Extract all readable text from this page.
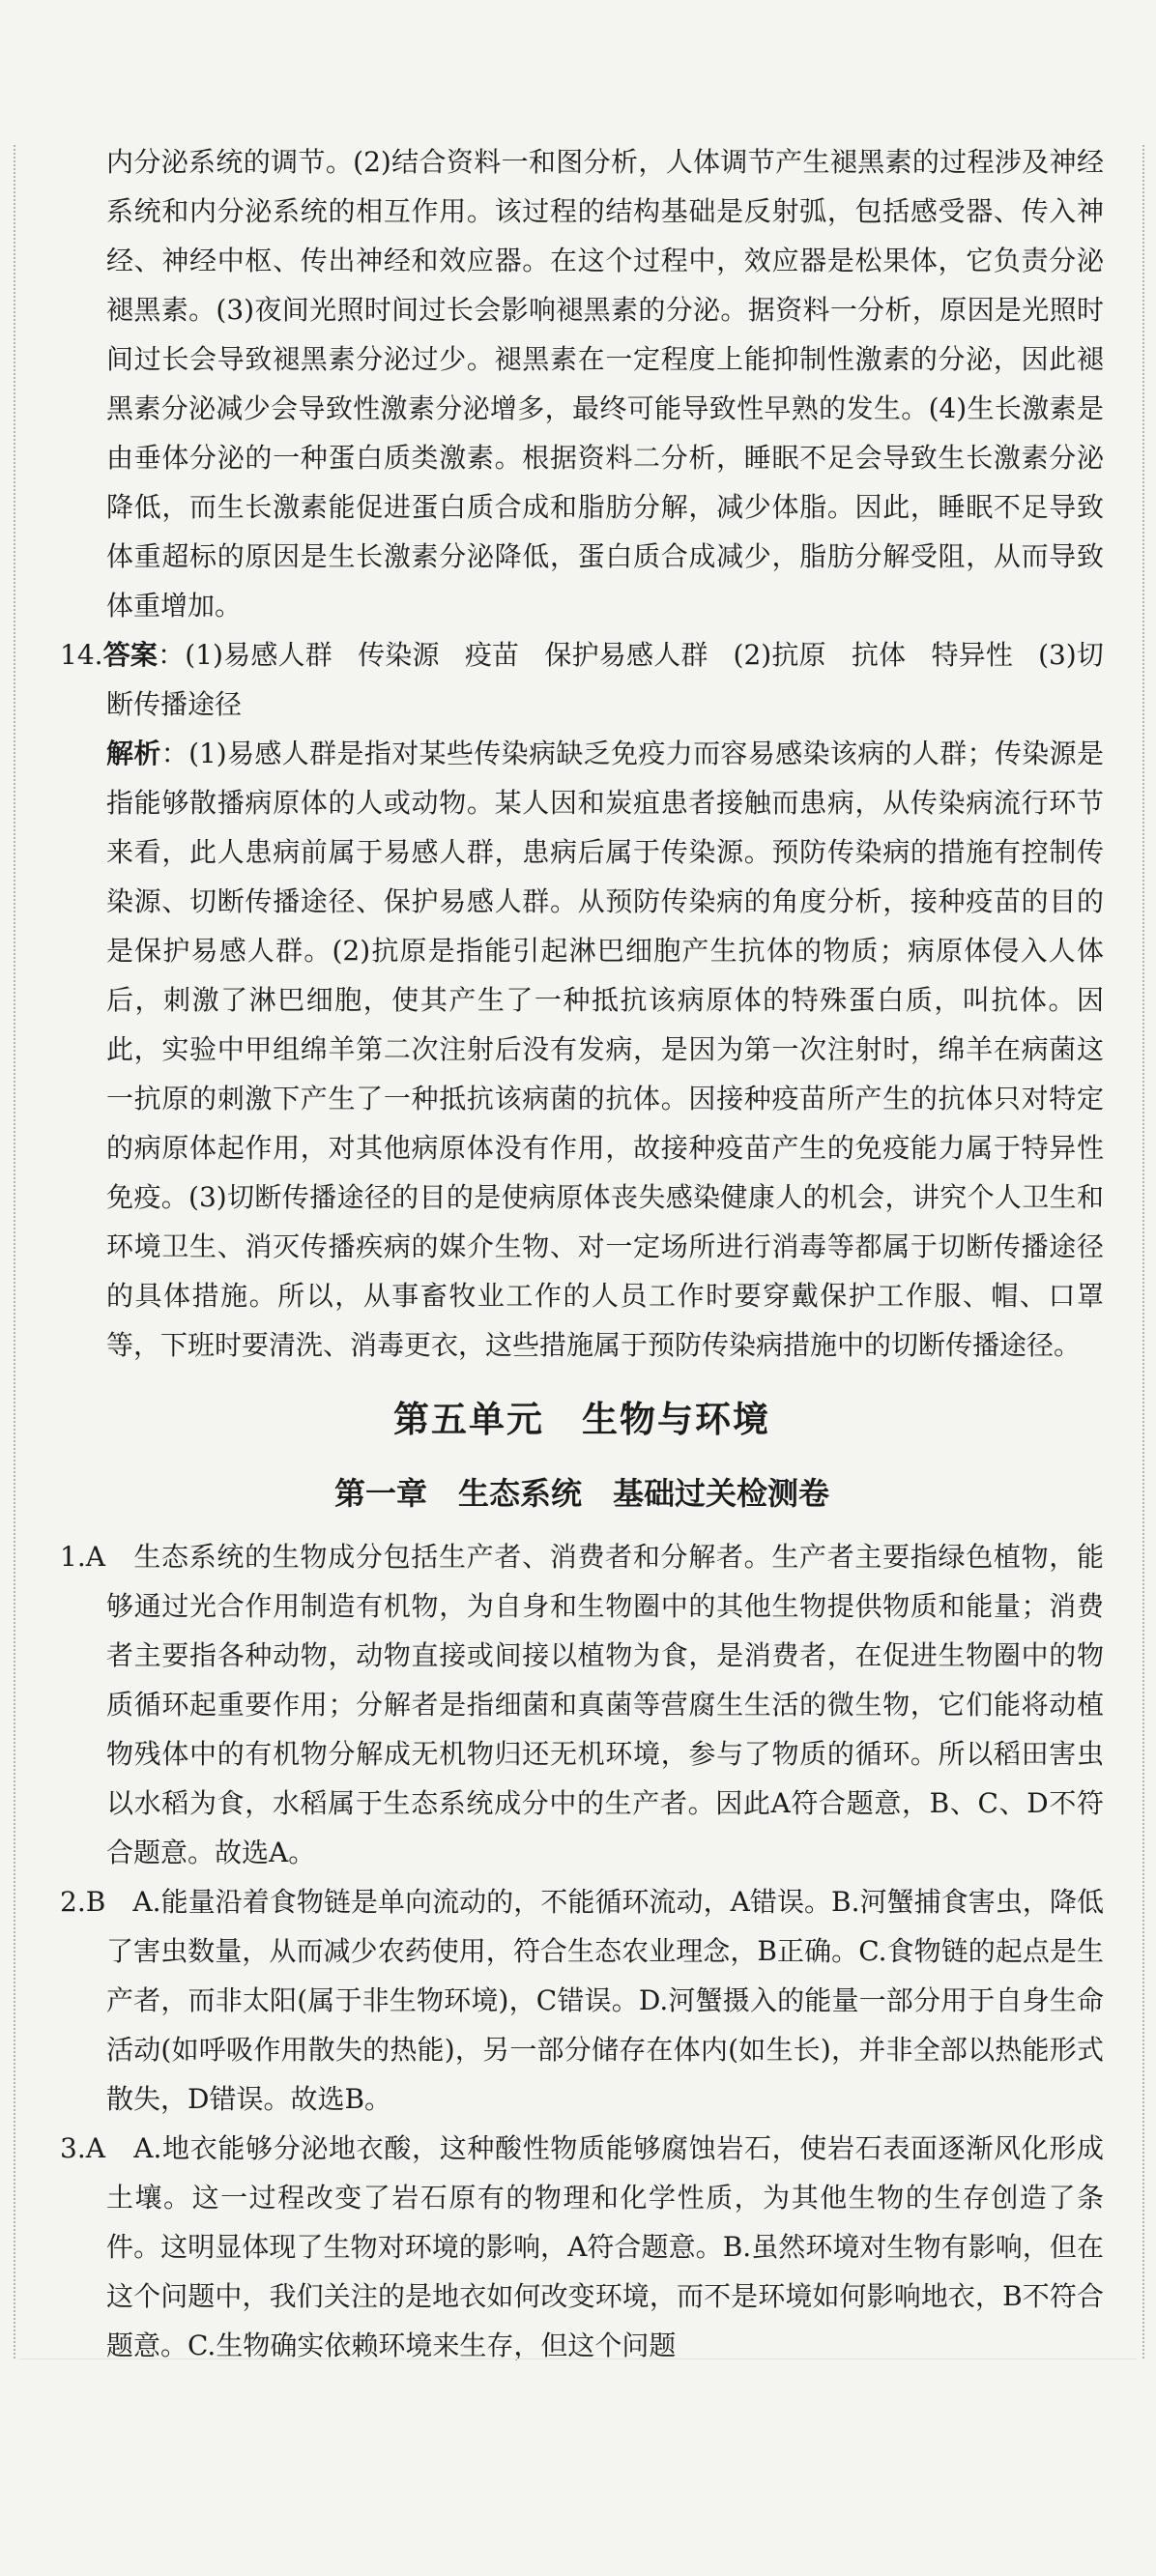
内分泌系统的调节。(2)结合资料一和图分析，人体调节产生褪黑素的过程涉及神经系统和内分泌系统的相互作用。该过程的结构基础是反射弧，包括感受器、传入神经、神经中枢、传出神经和效应器。在这个过程中，效应器是松果体，它负责分泌褪黑素。(3)夜间光照时间过长会影响褪黑素的分泌。据资料一分析，原因是光照时间过长会导致褪黑素分泌过少。褪黑素在一定程度上能抑制性激素的分泌，因此褪黑素分泌减少会导致性激素分泌增多，最终可能导致性早熟的发生。(4)生长激素是由垂体分泌的一种蛋白质类激素。根据资料二分析，睡眠不足会导致生长激素分泌降低，而生长激素能促进蛋白质合成和脂肪分解，减少体脂。因此，睡眠不足导致体重超标的原因是生长激素分泌降低，蛋白质合成减少，脂肪分解受阻，从而导致体重增加。

14.答案：(1)易感人群 传染源 疫苗 保护易感人群 (2)抗原 抗体 特异性 (3)切断传播途径

解析：(1)易感人群是指对某些传染病缺乏免疫力而容易感染该病的人群；传染源是指能够散播病原体的人或动物。某人因和炭疽患者接触而患病，从传染病流行环节来看，此人患病前属于易感人群，患病后属于传染源。预防传染病的措施有控制传染源、切断传播途径、保护易感人群。从预防传染病的角度分析，接种疫苗的目的是保护易感人群。(2)抗原是指能引起淋巴细胞产生抗体的物质；病原体侵入人体后，刺激了淋巴细胞，使其产生了一种抵抗该病原体的特殊蛋白质，叫抗体。因此，实验中甲组绵羊第二次注射后没有发病，是因为第一次注射时，绵羊在病菌这一抗原的刺激下产生了一种抵抗该病菌的抗体。因接种疫苗所产生的抗体只对特定的病原体起作用，对其他病原体没有作用，故接种疫苗产生的免疫能力属于特异性免疫。(3)切断传播途径的目的是使病原体丧失感染健康人的机会，讲究个人卫生和环境卫生、消灭传播疾病的媒介生物、对一定场所进行消毒等都属于切断传播途径的具体措施。所以，从事畜牧业工作的人员工作时要穿戴保护工作服、帽、口罩等，下班时要清洗、消毒更衣，这些措施属于预防传染病措施中的切断传播途径。

第五单元　生物与环境
第一章　生态系统　基础过关检测卷

1.A　生态系统的生物成分包括生产者、消费者和分解者。生产者主要指绿色植物，能够通过光合作用制造有机物，为自身和生物圈中的其他生物提供物质和能量；消费者主要指各种动物，动物直接或间接以植物为食，是消费者，在促进生物圈中的物质循环起重要作用；分解者是指细菌和真菌等营腐生生活的微生物，它们能将动植物残体中的有机物分解成无机物归还无机环境，参与了物质的循环。所以稻田害虫以水稻为食，水稻属于生态系统成分中的生产者。因此A符合题意，B、C、D不符合题意。故选A。

2.B　A.能量沿着食物链是单向流动的，不能循环流动，A错误。B.河蟹捕食害虫，降低了害虫数量，从而减少农药使用，符合生态农业理念，B正确。C.食物链的起点是生产者，而非太阳(属于非生物环境)，C错误。D.河蟹摄入的能量一部分用于自身生命活动(如呼吸作用散失的热能)，另一部分储存在体内(如生长)，并非全部以热能形式散失，D错误。故选B。

3.A　A.地衣能够分泌地衣酸，这种酸性物质能够腐蚀岩石，使岩石表面逐渐风化形成土壤。这一过程改变了岩石原有的物理和化学性质，为其他生物的生存创造了条件。这明显体现了生物对环境的影响，A符合题意。B.虽然环境对生物有影响，但在这个问题中，我们关注的是地衣如何改变环境，而不是环境如何影响地衣，B不符合题意。C.生物确实依赖环境来生存，但这个问题
